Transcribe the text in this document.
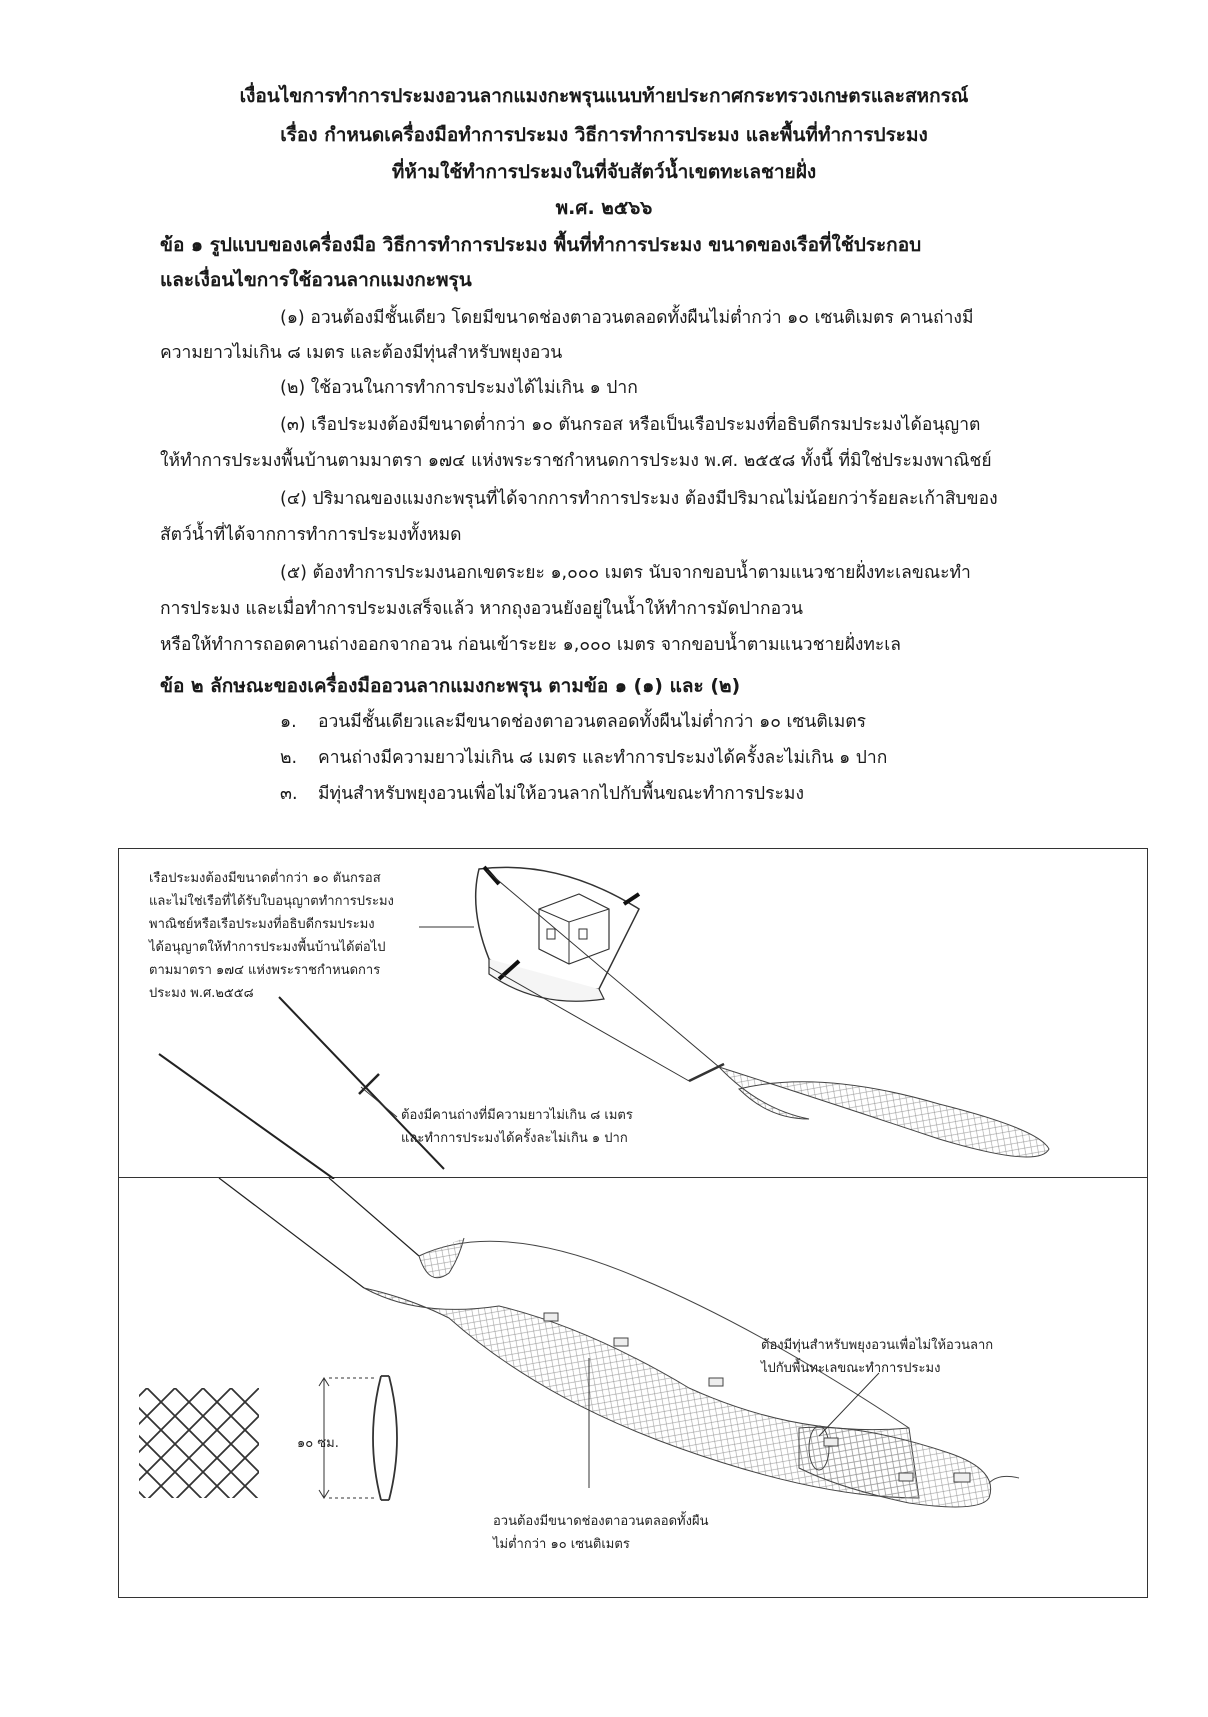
เงื่อนไขการทำการประมงอวนลากแมงกะพรุนแนบท้ายประกาศกระทรวงเกษตรและสหกรณ์
เรื่อง กำหนดเครื่องมือทำการประมง วิธีการทำการประมง และพื้นที่ทำการประมง
ที่ห้ามใช้ทำการประมงในที่จับสัตว์น้ำเขตทะเลชายฝั่ง
พ.ศ. ๒๕๖๖
ข้อ ๑ รูปแบบของเครื่องมือ วิธีการทำการประมง พื้นที่ทำการประมง ขนาดของเรือที่ใช้ประกอบ
และเงื่อนไขการใช้อวนลากแมงกะพรุน
(๑) อวนต้องมีชั้นเดียว โดยมีขนาดช่องตาอวนตลอดทั้งผืนไม่ต่ำกว่า ๑๐ เซนติเมตร คานถ่างมี
ความยาวไม่เกิน ๘ เมตร และต้องมีทุ่นสำหรับพยุงอวน
(๒) ใช้อวนในการทำการประมงได้ไม่เกิน ๑ ปาก
(๓) เรือประมงต้องมีขนาดต่ำกว่า ๑๐ ตันกรอส หรือเป็นเรือประมงที่อธิบดีกรมประมงได้อนุญาต
ให้ทำการประมงพื้นบ้านตามมาตรา ๑๗๔ แห่งพระราชกำหนดการประมง พ.ศ. ๒๕๕๘ ทั้งนี้ ที่มิใช่ประมงพาณิชย์
(๔) ปริมาณของแมงกะพรุนที่ได้จากการทำการประมง ต้องมีปริมาณไม่น้อยกว่าร้อยละเก้าสิบของ
สัตว์น้ำที่ได้จากการทำการประมงทั้งหมด
(๕) ต้องทำการประมงนอกเขตระยะ ๑,๐๐๐ เมตร นับจากขอบน้ำตามแนวชายฝั่งทะเลขณะทำ
การประมง และเมื่อทำการประมงเสร็จแล้ว หากถุงอวนยังอยู่ในน้ำให้ทำการมัดปากอวน
หรือให้ทำการถอดคานถ่างออกจากอวน ก่อนเข้าระยะ ๑,๐๐๐ เมตร จากขอบน้ำตามแนวชายฝั่งทะเล
ข้อ ๒ ลักษณะของเครื่องมืออวนลากแมงกะพรุน ตามข้อ ๑ (๑) และ (๒)
๑.	อวนมีชั้นเดียวและมีขนาดช่องตาอวนตลอดทั้งผืนไม่ต่ำกว่า ๑๐ เซนติเมตร
๒.	คานถ่างมีความยาวไม่เกิน ๘ เมตร และทำการประมงได้ครั้งละไม่เกิน ๑ ปาก
๓.	มีทุ่นสำหรับพยุงอวนเพื่อไม่ให้อวนลากไปกับพื้นขณะทำการประมง
เรือประมงต้องมีขนาดต่ำกว่า ๑๐ ตันกรอส
และไม่ใช่เรือที่ได้รับใบอนุญาตทำการประมง
พาณิชย์หรือเรือประมงที่อธิบดีกรมประมง
ได้อนุญาตให้ทำการประมงพื้นบ้านได้ต่อไป
ตามมาตรา ๑๗๔ แห่งพระราชกำหนดการ
ประมง พ.ศ.๒๕๕๘
ต้องมีคานถ่างที่มีความยาวไม่เกิน ๘ เมตร
และทำการประมงได้ครั้งละไม่เกิน ๑ ปาก
๑๐ ซม.
ต้องมีทุ่นสำหรับพยุงอวนเพื่อไม่ให้อวนลาก
ไปกับพื้นทะเลขณะทำการประมง
อวนต้องมีขนาดช่องตาอวนตลอดทั้งผืน
ไม่ต่ำกว่า ๑๐ เซนติเมตร
